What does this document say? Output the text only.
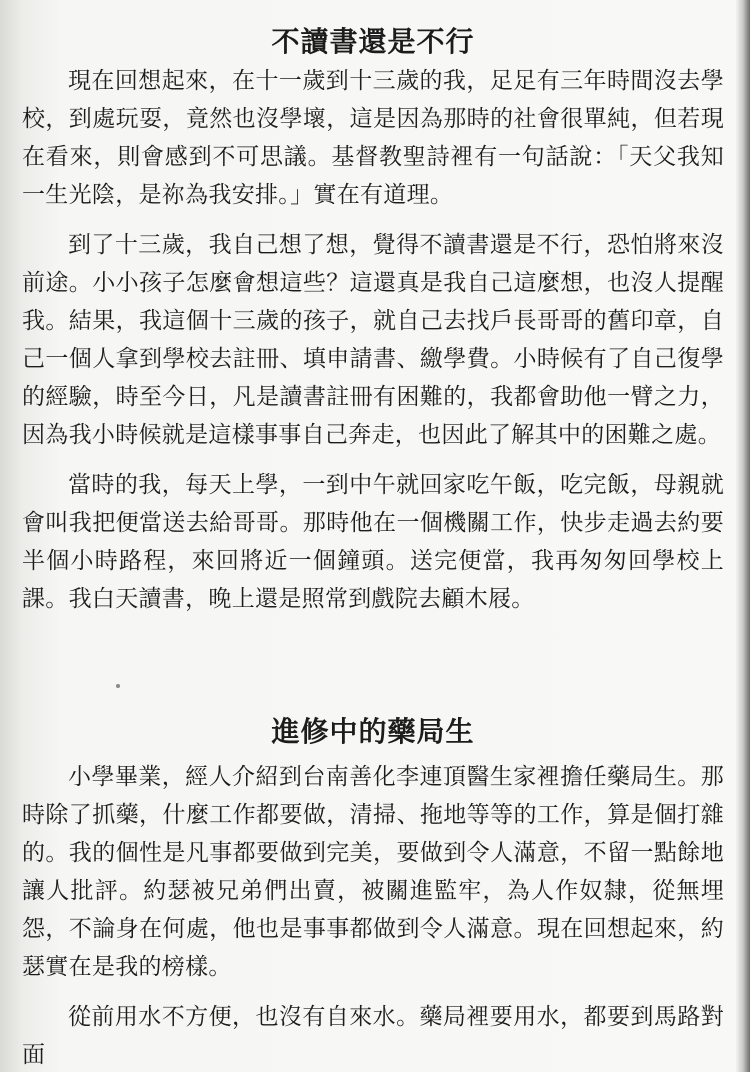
不讀書還是不行

現在回想起來，在十一歲到十三歲的我，足足有三年時間沒去學校，到處玩耍，竟然也沒學壞，這是因為那時的社會很單純，但若現在看來，則會感到不可思議。基督教聖詩裡有一句話說：「天父我知一生光陰，是祢為我安排。」實在有道理。

到了十三歲，我自己想了想，覺得不讀書還是不行，恐怕將來沒前途。小小孩子怎麼會想這些？這還真是我自己這麼想，也沒人提醒我。結果，我這個十三歲的孩子，就自己去找戶長哥哥的舊印章，自己一個人拿到學校去註冊、填申請書、繳學費。小時候有了自己復學的經驗，時至今日，凡是讀書註冊有困難的，我都會助他一臂之力，因為我小時候就是這樣事事自己奔走，也因此了解其中的困難之處。

當時的我，每天上學，一到中午就回家吃午飯，吃完飯，母親就會叫我把便當送去給哥哥。那時他在一個機關工作，快步走過去約要半個小時路程，來回將近一個鐘頭。送完便當，我再匆匆回學校上課。我白天讀書，晚上還是照常到戲院去顧木屐。

進修中的藥局生

小學畢業，經人介紹到台南善化李連頂醫生家裡擔任藥局生。那時除了抓藥，什麼工作都要做，清掃、拖地等等的工作，算是個打雜的。我的個性是凡事都要做到完美，要做到令人滿意，不留一點餘地讓人批評。約瑟被兄弟們出賣，被關進監牢，為人作奴隸，從無埋怨，不論身在何處，他也是事事都做到令人滿意。現在回想起來，約瑟實在是我的榜樣。

從前用水不方便，也沒有自來水。藥局裡要用水，都要到馬路對面
